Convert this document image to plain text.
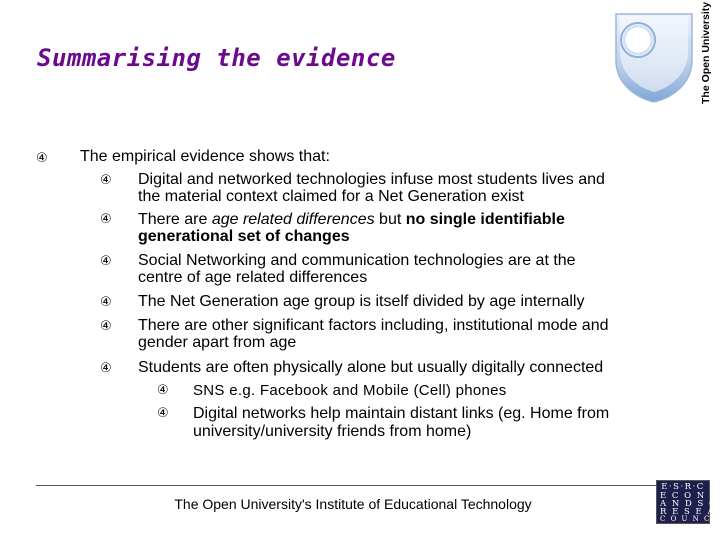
Summarising the evidence	The Open University
④ The empirical evidence shows that:
④ Digital and networked technologies infuse most students lives and
the material context claimed for a Net Generation exist
④ There are age related differences but no single identifiable
generational set of changes
④ Social Networking and communication technologies are at the
centre of age related differences
④ The Net Generation age group is itself divided by age internally
④ There are other significant factors including, institutional mode and
gender apart from age
④ Students are often physically alone but usually digitally connected
④ SNS e.g. Facebook and Mobile (Cell) phones
④ Digital networks help maintain distant links (eg. Home from
university/university friends from home)
The Open University's Institute of Educational Technology
E·S·R·C
E C O N O
A N D S O
R E S E A
C O U N C
